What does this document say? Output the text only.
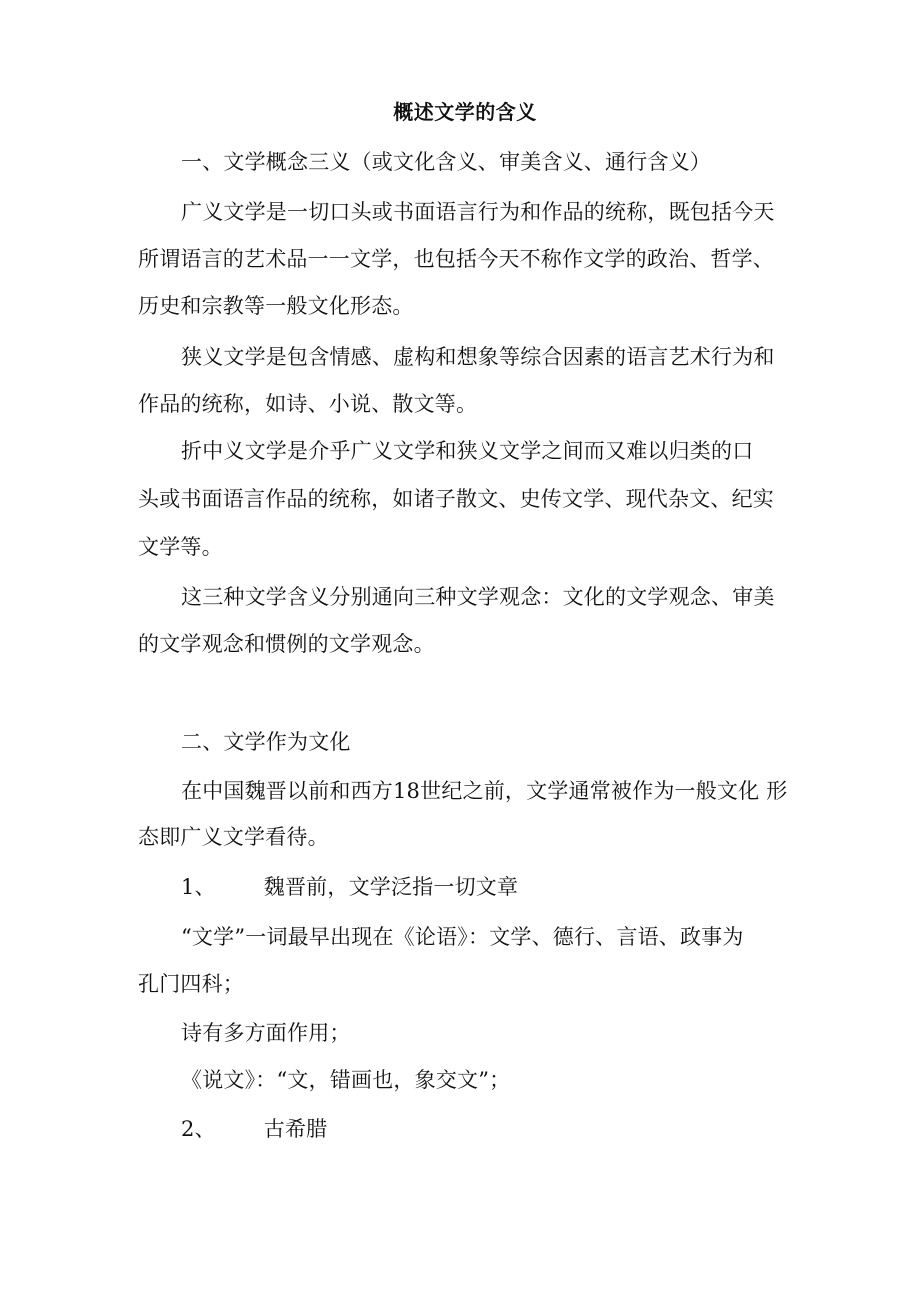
概述文学的含义
一、文学概念三义（或文化含义、审美含义、通行含义）
广义文学是一切口头或书面语言行为和作品的统称，既包括今天
所谓语言的艺术品一一文学，也包括今天不称作文学的政治、哲学、
历史和宗教等一般文化形态。
狭义文学是包含情感、虚构和想象等综合因素的语言艺术行为和
作品的统称，如诗、小说、散文等。
折中义文学是介乎广义文学和狭义文学之间而又难以归类的口
头或书面语言作品的统称，如诸子散文、史传文学、现代杂文、纪实
文学等。
这三种文学含义分别通向三种文学观念：文化的文学观念、审美
的文学观念和惯例的文学观念。
二、文学作为文化
在中国魏晋以前和西方18世纪之前，文学通常被作为一般文化 形
态即广义文学看待。
1、 魏晋前，文学泛指一切文章
“文学”一词最早出现在《论语》：文学、德行、言语、政事为
孔门四科；
诗有多方面作用；
《说文》：“文，错画也，象交文”；
2、 古希腊
